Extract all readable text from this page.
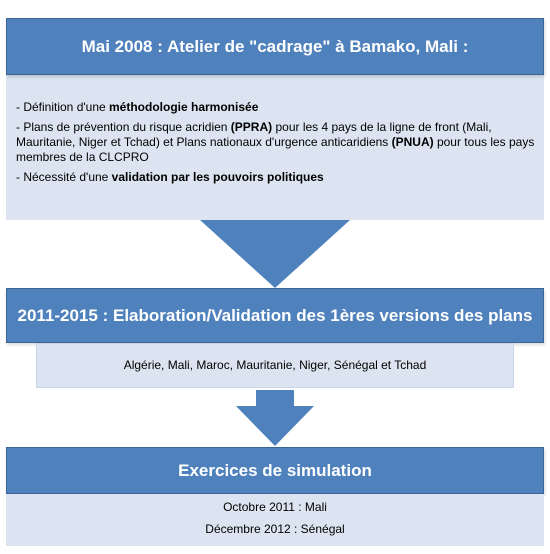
- Définition d'une méthodologie harmonisée
- Plans de prévention du risque acridien (PPRA) pour les 4 pays de la ligne de front (Mali, Mauritanie, Niger et Tchad) et Plans nationaux d'urgence anticaridiens (PNUA) pour tous les pays membres de la CLCPRO
- Nécessité d'une validation par les pouvoirs politiques
Mai 2008 : Atelier de "cadrage" à Bamako, Mali :
2011-2015 : Elaboration/Validation des 1ères versions des plans
Algérie, Mali, Maroc, Mauritanie, Niger, Sénégal et Tchad
Exercices de simulation
Octobre 2011 : Mali
Décembre 2012 : Sénégal
